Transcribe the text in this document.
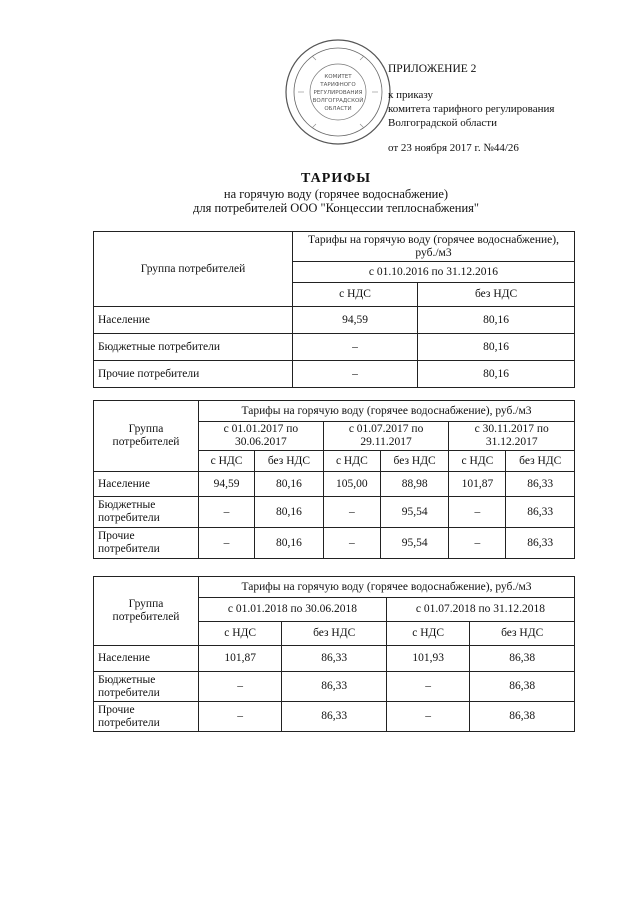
КОМИТЕТ
ТАРИФНОГО
РЕГУЛИРОВАНИЯ
ВОЛГОГРАДСКОЙ
ОБЛАСТИ
ПРИЛОЖЕНИЕ 2
к приказу
комитета тарифного регулирования
Волгоградской области
от 23 ноября 2017 г. №44/26
ТАРИФЫ
на горячую воду (горячее водоснабжение)
для потребителей ООО "Концессии теплоснабжения"
Группа потребителей	Тарифы на горячую воду (горячее водоснабжение), руб./м3	
	с 01.10.2016 по 31.12.2016	
	с НДС	без НДС
Население	94,59	80,16
Бюджетные потребители	–	80,16
Прочие потребители	–	80,16
Группа потребителей	Тарифы на горячую воду (горячее водоснабжение), руб./м3					
	с 01.01.2017 по 30.06.2017		с 01.07.2017 по 29.11.2017		с 30.11.2017 по 31.12.2017	
	с НДС	без НДС	с НДС	без НДС	с НДС	без НДС
Население	94,59	80,16	105,00	88,98	101,87	86,33
Бюджетные потребители	–	80,16	–	95,54	–	86,33
Прочие потребители	–	80,16	–	95,54	–	86,33
Группа потребителей	Тарифы на горячую воду (горячее водоснабжение), руб./м3			
	с 01.01.2018 по 30.06.2018		с 01.07.2018 по 31.12.2018	
	с НДС	без НДС	с НДС	без НДС
Население	101,87	86,33	101,93	86,38
Бюджетные потребители	–	86,33	–	86,38
Прочие потребители	–	86,33	–	86,38
